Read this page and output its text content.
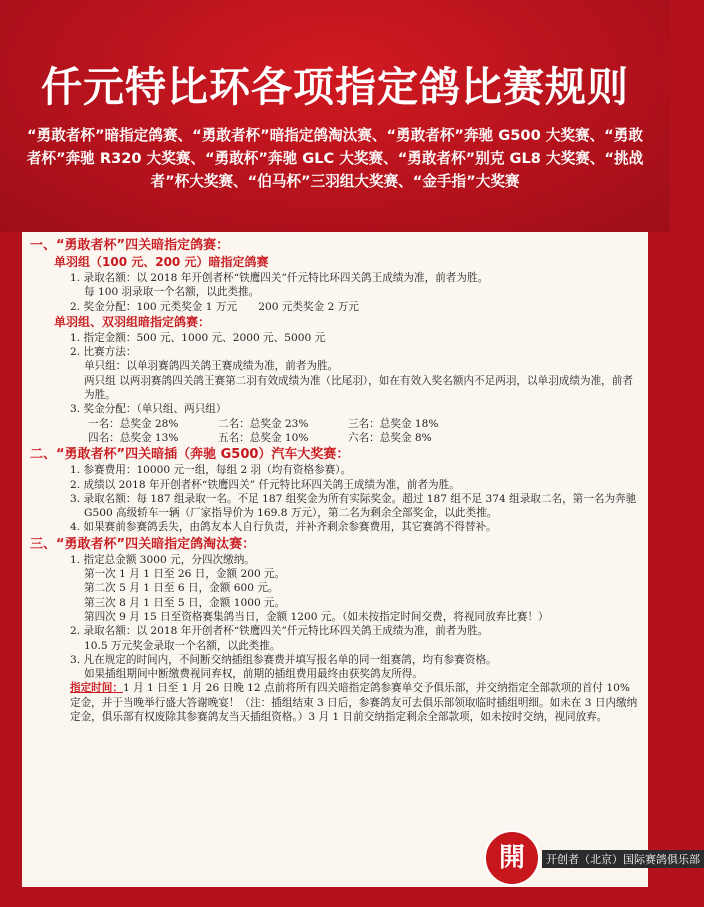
仟元特比环各项指定鸽比赛规则
“勇敢者杯”暗指定鸽赛、“勇敢者杯”暗指定鸽淘汰赛、“勇敢者杯”奔驰 G500 大奖赛、“勇敢者杯”奔驰 R320 大奖赛、“勇敢杯”奔驰 GLC 大奖赛、“勇敢者杯”别克 GL8 大奖赛、“挑战者”杯大奖赛、“伯马杯”三羽组大奖赛、“金手指”大奖赛
一、“勇敢者杯”四关暗指定鸽赛：
单羽组（100 元、200 元）暗指定鸽赛
1. 录取名额：以 2018 年开创者杯“铁鹰四关”仟元特比环四关鸽王成绩为准，前者为胜。
每 100 羽录取一个名额，以此类推。
2. 奖金分配：100 元类奖金 1 万元　　200 元类奖金 2 万元
单羽组、双羽组暗指定鸽赛：
1. 指定金额：500 元、1000 元、2000 元、5000 元
2. 比赛方法：
单只组：以单羽赛鸽四关鸽王赛成绩为准，前者为胜。
两只组 以两羽赛鸽四关鸽王赛第二羽有效成绩为准（比尾羽），如在有效入奖名额内不足两羽，以单羽成绩为准，前者为胜。
3. 奖金分配：（单只组、两只组）
一名：总奖金 28%	二名：总奖金 23%	三名：总奖金 18%
四名：总奖金 13%	五名：总奖金 10%	六名：总奖金 8%
二、“勇敢者杯”四关暗插（奔驰 G500）汽车大奖赛：
1. 参赛费用：10000 元一组，每组 2 羽（均有资格参赛）。
2. 成绩以 2018 年开创者杯“铁鹰四关” 仟元特比环四关鸽王成绩为准，前者为胜。
3. 录取名额：每 187 组录取一名。不足 187 组奖金为所有实际奖金。超过 187 组不足 374 组录取二名，第一名为奔驰 G500 高级轿车一辆（厂家指导价为 169.8 万元），第二名为剩余全部奖金，以此类推。
4. 如果赛前参赛鸽丢失，由鸽友本人自行负责，并补齐剩余参赛费用，其它赛鸽不得替补。
三、“勇敢者杯”四关暗指定鸽淘汰赛：
1. 指定总金额 3000 元，分四次缴纳。
第一次 1 月 1 日至 26 日，金额 200 元。
第二次 5 月 1 日至 6 日，金额 600 元。
第三次 8 月 1 日至 5 日，金额 1000 元。
第四次 9 月 15 日至资格赛集鸽当日，金额 1200 元。（如未按指定时间交费，将视同放弃比赛！）
2. 录取名额：以 2018 年开创者杯“铁鹰四关”仟元特比环四关鸽王成绩为准，前者为胜。
10.5 万元奖金录取一个名额，以此类推。
3. 凡在规定的时间内，不间断交纳插组参赛费并填写报名单的同一组赛鸽，均有参赛资格。
如果插组期间中断缴费视同弃权，前期的插组费用最终由获奖鸽友所得。
指定时间：1 月 1 日至 1 月 26 日晚 12 点前将所有四关暗指定鸽参赛单交予俱乐部，并交纳指定全部款项的首付 10% 定金，并于当晚举行盛大答谢晚宴！（注：插组结束 3 日后，参赛鸽友可去俱乐部领取临时插组明细。如未在 3 日内缴纳定金，俱乐部有权废除其参赛鸽友当天插组资格。）3 月 1 日前交纳指定剩余全部款项，如未按时交纳，视同放弃。
開	开创者（北京）国际赛鸽俱乐部
